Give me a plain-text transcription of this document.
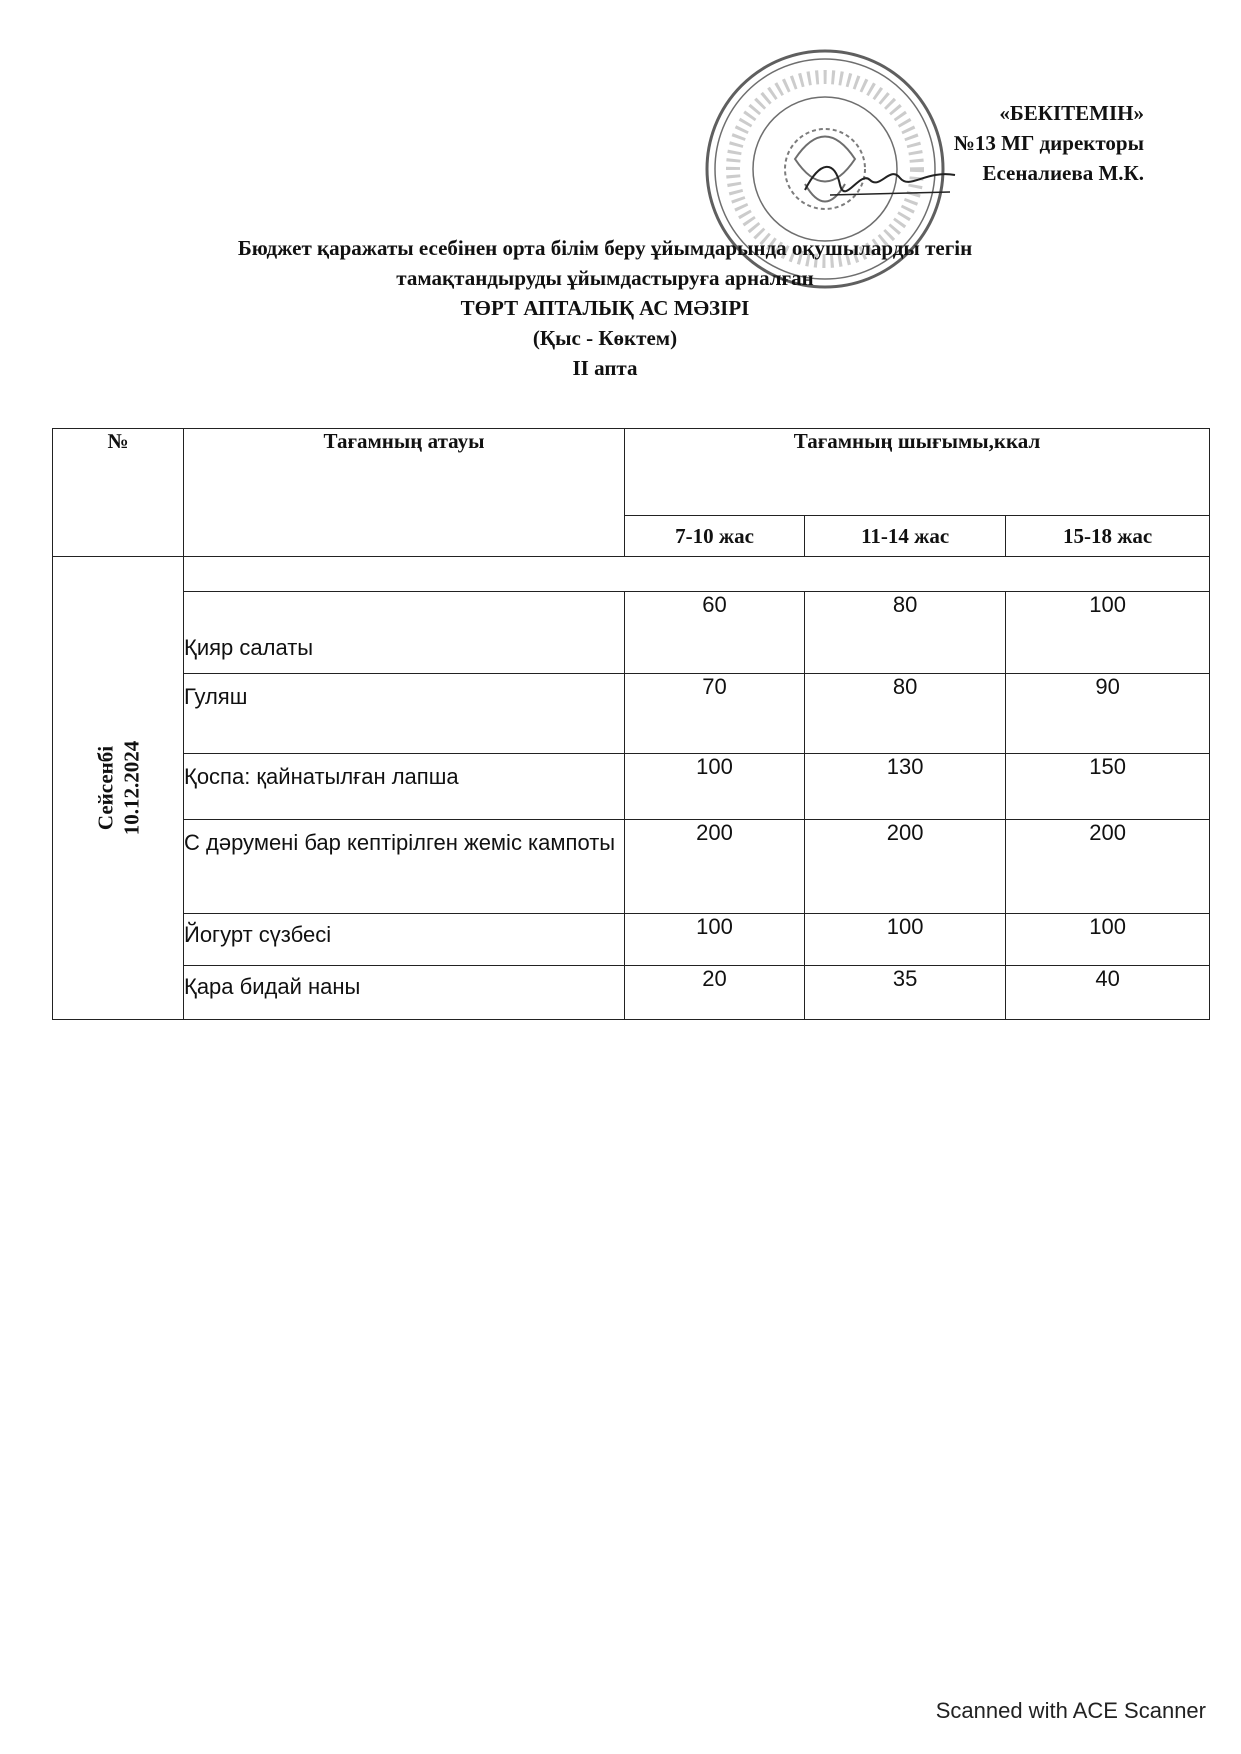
«БЕКІТЕМІН»
№13 МГ директоры
Есеналиева М.К.
Бюджет қаражаты есебінен орта білім беру ұйымдарында оқушыларды тегін
тамақтандыруды ұйымдастыруға арналған
ТӨРТ АПТАЛЫҚ АС МӘЗІРІ
(Қыс - Көктем)
ІІ апта
№	Тағамның атауы	Тағамның шығымы,ккал		
		7-10 жас	11-14 жас	15-18 жас
Сейсенбі
10.12.2024				
	Қияр салаты	60	80	100
	Гуляш	70	80	90
	Қоспа: қайнатылған лапша	100	130	150
	С дәрумені бар кептірілген жеміс кампоты	200	200	200
	Йогурт сүзбесі	100	100	100
	Қара бидай наны	20	35	40
Scanned with ACE Scanner
